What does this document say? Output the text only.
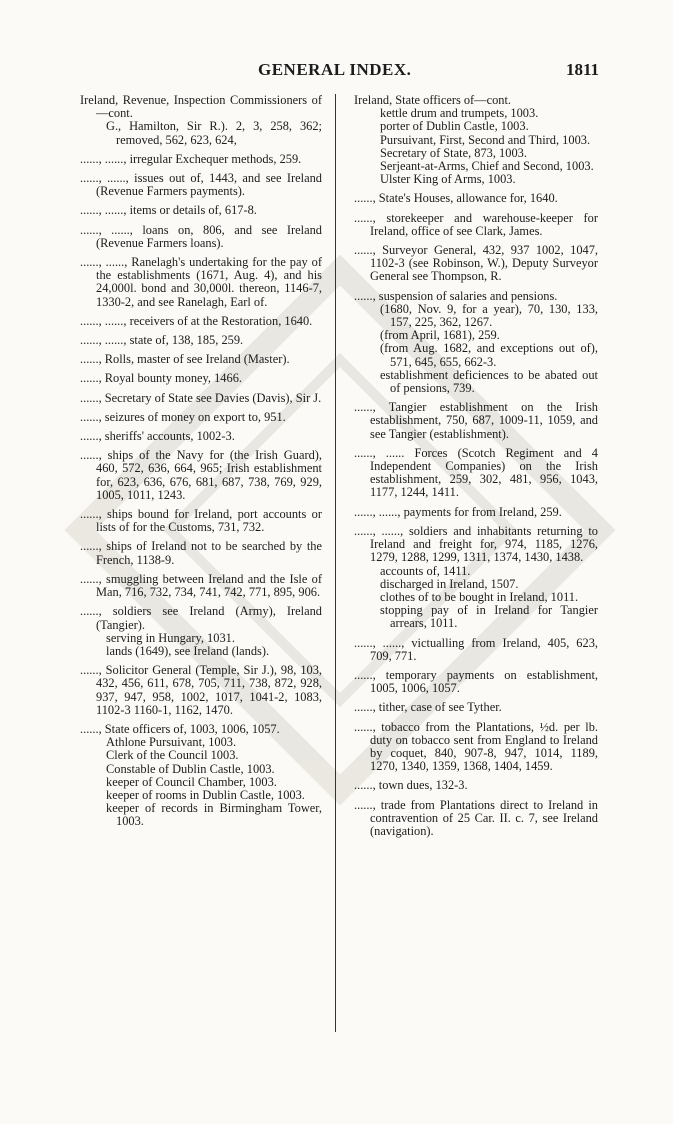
GENERAL INDEX.	1811

Ireland, Revenue, Inspection Commissioners of—cont.

G., Hamilton, Sir R.). 2, 3, 258, 362; removed, 562, 623, 624,

......, ......, irregular Exchequer methods, 259.

......, ......, issues out of, 1443, and see Ireland (Revenue Farmers payments).

......, ......, items or details of, 617-8.

......, ......, loans on, 806, and see Ireland (Revenue Farmers loans).

......, ......, Ranelagh's undertaking for the pay of the establishments (1671, Aug. 4), and his 24,000l. bond and 30,000l. thereon, 1146-7, 1330-2, and see Ranelagh, Earl of.

......, ......, receivers of at the Restoration, 1640.

......, ......, state of, 138, 185, 259.

......, Rolls, master of see Ireland (Master).

......, Royal bounty money, 1466.

......, Secretary of State see Davies (Davis), Sir J.

......, seizures of money on export to, 951.

......, sheriffs' accounts, 1002-3.

......, ships of the Navy for (the Irish Guard), 460, 572, 636, 664, 965; Irish establishment for, 623, 636, 676, 681, 687, 738, 769, 929, 1005, 1011, 1243.

......, ships bound for Ireland, port accounts or lists of for the Customs, 731, 732.

......, ships of Ireland not to be searched by the French, 1138-9.

......, smuggling between Ireland and the Isle of Man, 716, 732, 734, 741, 742, 771, 895, 906.

......, soldiers see Ireland (Army), Ireland (Tangier).

serving in Hungary, 1031.

lands (1649), see Ireland (lands).

......, Solicitor General (Temple, Sir J.), 98, 103, 432, 456, 611, 678, 705, 711, 738, 872, 928, 937, 947, 958, 1002, 1017, 1041-2, 1083, 1102-3 1160-1, 1162, 1470.

......, State officers of, 1003, 1006, 1057.

Athlone Pursuivant, 1003.

Clerk of the Council 1003.

Constable of Dublin Castle, 1003.

keeper of Council Chamber, 1003.

keeper of rooms in Dublin Castle, 1003.

keeper of records in Birmingham Tower, 1003.

Ireland, State officers of—cont.

kettle drum and trumpets, 1003.

porter of Dublin Castle, 1003.

Pursuivant, First, Second and Third, 1003.

Secretary of State, 873, 1003.

Serjeant-at-Arms, Chief and Second, 1003.

Ulster King of Arms, 1003.

......, State's Houses, allowance for, 1640.

......, storekeeper and warehouse-keeper for Ireland, office of see Clark, James.

......, Surveyor General, 432, 937 1002, 1047, 1102-3 (see Robinson, W.), Deputy Surveyor General see Thompson, R.

......, suspension of salaries and pensions.

(1680, Nov. 9, for a year), 70, 130, 133, 157, 225, 362, 1267.

(from April, 1681), 259.

(from Aug. 1682, and exceptions out of), 571, 645, 655, 662-3.

establishment deficiences to be abated out of pensions, 739.

......, Tangier establishment on the Irish establishment, 750, 687, 1009-11, 1059, and see Tangier (establishment).

......, ...... Forces (Scotch Regiment and 4 Independent Companies) on the Irish establishment, 259, 302, 481, 956, 1043, 1177, 1244, 1411.

......, ......, payments for from Ireland, 259.

......, ......, soldiers and inhabitants returning to Ireland and freight for, 974, 1185, 1276, 1279, 1288, 1299, 1311, 1374, 1430, 1438.

accounts of, 1411.

discharged in Ireland, 1507.

clothes of to be bought in Ireland, 1011.

stopping pay of in Ireland for Tangier arrears, 1011.

......, ......, victualling from Ireland, 405, 623, 709, 771.

......, temporary payments on establishment, 1005, 1006, 1057.

......, tither, case of see Tyther.

......, tobacco from the Plantations, ½d. per lb. duty on tobacco sent from England to Ireland by coquet, 840, 907-8, 947, 1014, 1189, 1270, 1340, 1359, 1368, 1404, 1459.

......, town dues, 132-3.

......, trade from Plantations direct to Ireland in contravention of 25 Car. II. c. 7, see Ireland (navigation).
